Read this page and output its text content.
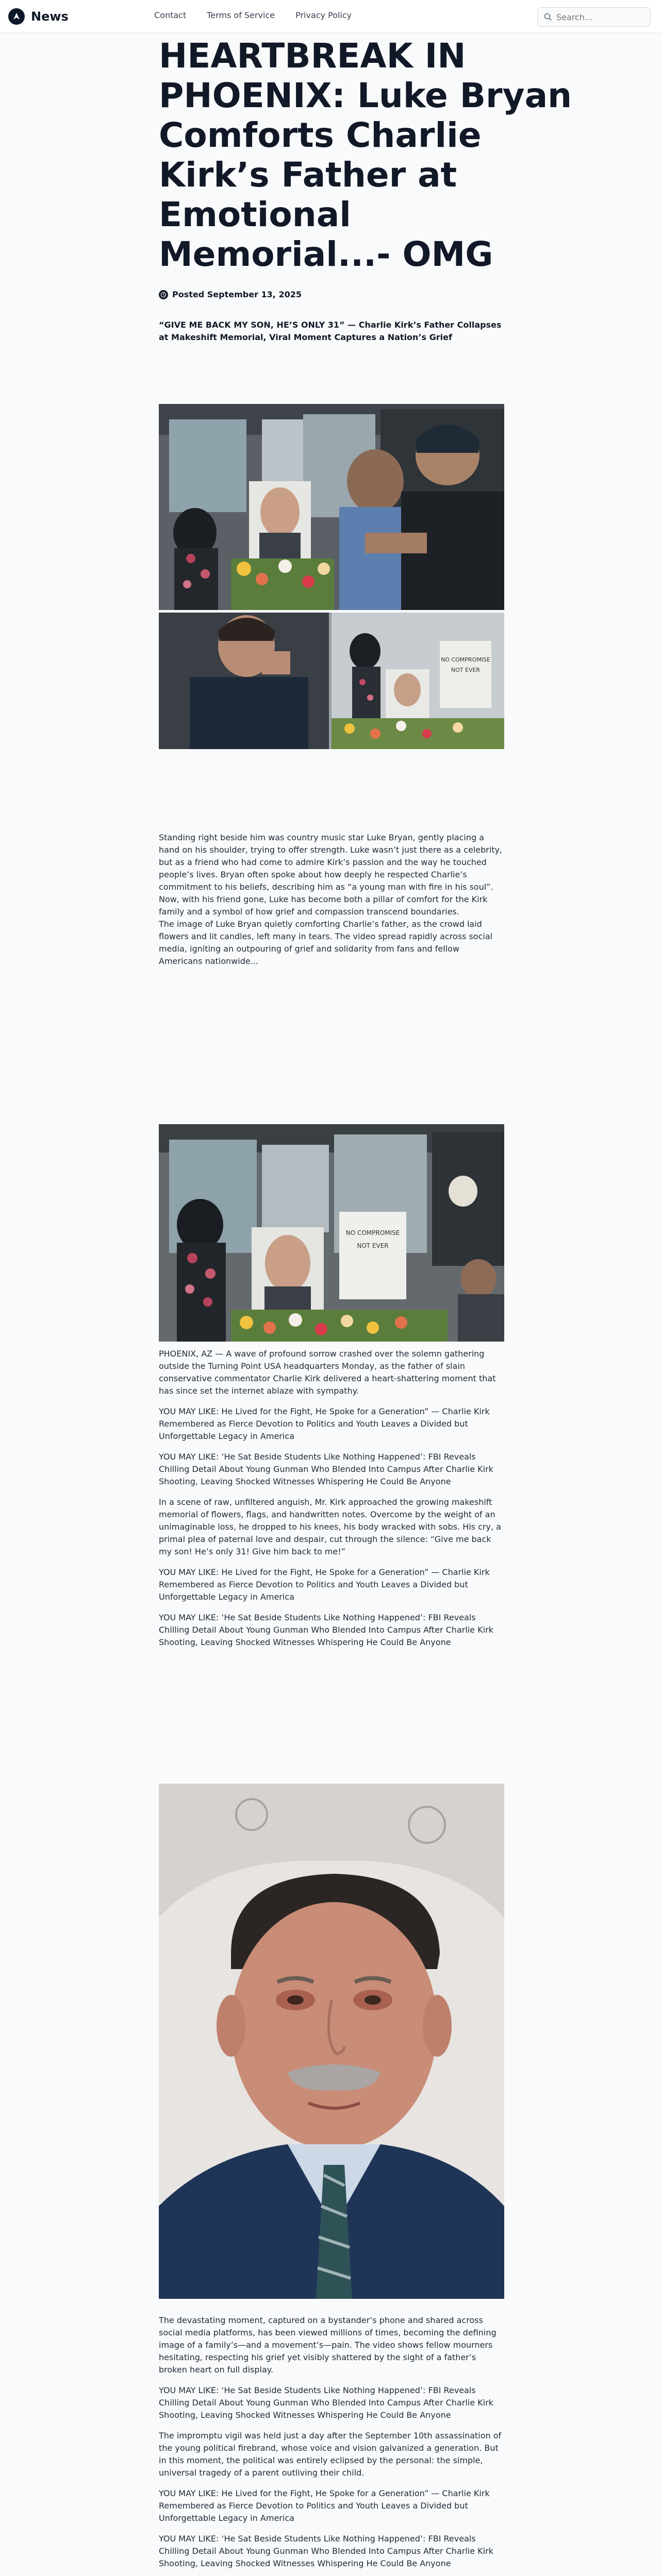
News	Contact	Terms of Service	Privacy Policy
Search...
HEARTBREAK IN
PHOENIX: Luke Bryan
Comforts Charlie
Kirk’s Father at
Emotional
Memorial...- OMG
Posted September 13, 2025
“GIVE ME BACK MY SON, HE’S ONLY 31” — Charlie Kirk’s Father Collapses at Makeshift Memorial, Viral Moment Captures a Nation’s Grief
NO COMPROMISE
NOT EVER

Standing right beside him was country music star Luke Bryan, gently placing a hand on his shoulder, trying to offer strength. Luke wasn’t just there as a celebrity, but as a friend who had come to admire Kirk’s passion and the way he touched people’s lives. Bryan often spoke about how deeply he respected Charlie’s commitment to his beliefs, describing him as “a young man with fire in his soul”. Now, with his friend gone, Luke has become both a pillar of comfort for the Kirk family and a symbol of how grief and compassion transcend boundaries.

The image of Luke Bryan quietly comforting Charlie’s father, as the crowd laid flowers and lit candles, left many in tears. The video spread rapidly across social media, igniting an outpouring of grief and solidarity from fans and fellow Americans nationwide...

NO COMPROMISE
NOT EVER

PHOENIX, AZ — A wave of profound sorrow crashed over the solemn gathering outside the Turning Point USA headquarters Monday, as the father of slain conservative commentator Charlie Kirk delivered a heart-shattering moment that has since set the internet ablaze with sympathy.

YOU MAY LIKE: He Lived for the Fight, He Spoke for a Generation” — Charlie Kirk Remembered as Fierce Devotion to Politics and Youth Leaves a Divided but Unforgettable Legacy in America

YOU MAY LIKE: ‘He Sat Beside Students Like Nothing Happened’: FBI Reveals Chilling Detail About Young Gunman Who Blended Into Campus After Charlie Kirk Shooting, Leaving Shocked Witnesses Whispering He Could Be Anyone

In a scene of raw, unfiltered anguish, Mr. Kirk approached the growing makeshift memorial of flowers, flags, and handwritten notes. Overcome by the weight of an unimaginable loss, he dropped to his knees, his body wracked with sobs. His cry, a primal plea of paternal love and despair, cut through the silence: “Give me back my son! He’s only 31! Give him back to me!”

YOU MAY LIKE: He Lived for the Fight, He Spoke for a Generation” — Charlie Kirk Remembered as Fierce Devotion to Politics and Youth Leaves a Divided but Unforgettable Legacy in America

YOU MAY LIKE: ‘He Sat Beside Students Like Nothing Happened’: FBI Reveals Chilling Detail About Young Gunman Who Blended Into Campus After Charlie Kirk Shooting, Leaving Shocked Witnesses Whispering He Could Be Anyone

The devastating moment, captured on a bystander’s phone and shared across social media platforms, has been viewed millions of times, becoming the defining image of a family’s—and a movement’s—pain. The video shows fellow mourners hesitating, respecting his grief yet visibly shattered by the sight of a father’s broken heart on full display.

YOU MAY LIKE: ‘He Sat Beside Students Like Nothing Happened’: FBI Reveals Chilling Detail About Young Gunman Who Blended Into Campus After Charlie Kirk Shooting, Leaving Shocked Witnesses Whispering He Could Be Anyone

The impromptu vigil was held just a day after the September 10th assassination of the young political firebrand, whose voice and vision galvanized a generation. But in this moment, the political was entirely eclipsed by the personal: the simple, universal tragedy of a parent outliving their child.

YOU MAY LIKE: He Lived for the Fight, He Spoke for a Generation” — Charlie Kirk Remembered as Fierce Devotion to Politics and Youth Leaves a Divided but Unforgettable Legacy in America

YOU MAY LIKE: ‘He Sat Beside Students Like Nothing Happened’: FBI Reveals Chilling Detail About Young Gunman Who Blended Into Campus After Charlie Kirk Shooting, Leaving Shocked Witnesses Whispering He Could Be Anyone
